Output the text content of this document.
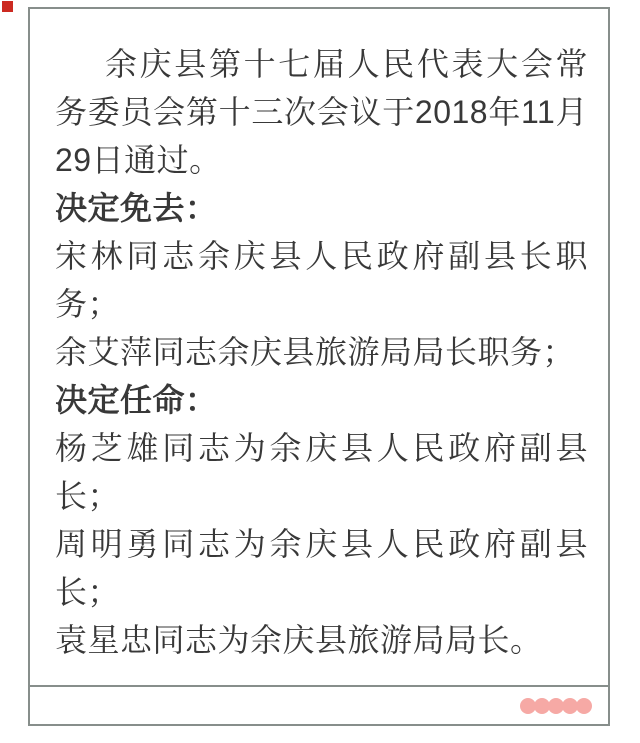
余庆县第十七届人民代表大会常
务委员会第十三次会议于2018年11月
29日通过。
决定免去：
宋林同志余庆县人民政府副县长职
务；
余艾萍同志余庆县旅游局局长职务；
决定任命：
杨芝雄同志为余庆县人民政府副县
长；
周明勇同志为余庆县人民政府副县
长；
袁星忠同志为余庆县旅游局局长。
